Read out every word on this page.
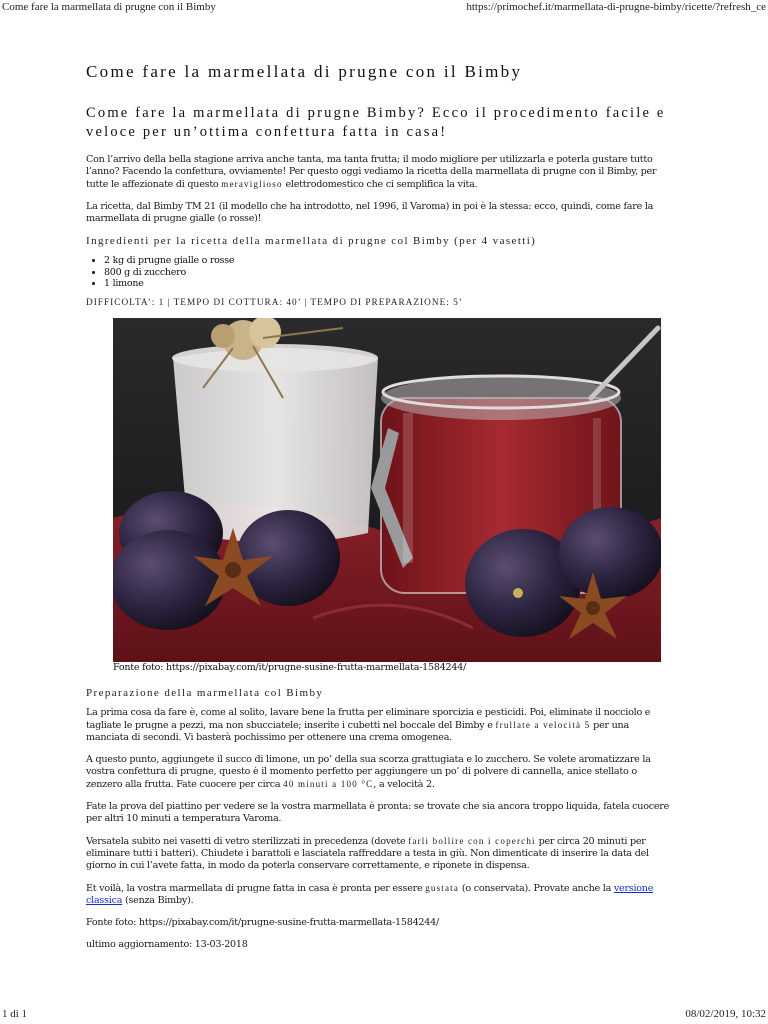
Come fare la marmellata di prugne con il Bimby	https://primochef.it/marmellata-di-prugne-bimby/ricette/?refresh_ce
Come fare la marmellata di prugne con il Bimby
Come fare la marmellata di prugne Bimby? Ecco il procedimento facile e veloce per un’ottima confettura fatta in casa!

Con l’arrivo della bella stagione arriva anche tanta, ma tanta frutta; il modo migliore per utilizzarla e poterla gustare tutto l’anno? Facendo la confettura, ovviamente! Per questo oggi vediamo la ricetta della marmellata di prugne con il Bimby, per tutte le affezionate di questo meraviglioso elettrodomestico che ci semplifica la vita.

La ricetta, dal Bimby TM 21 (il modello che ha introdotto, nel 1996, il Varoma) in poi è la stessa: ecco, quindi, come fare la marmellata di prugne gialle (o rosse)!

Ingredienti per la ricetta della marmellata di prugne col Bimby (per 4 vasetti)
• 2 kg di prugne gialle o rosse
• 800 g di zucchero
• 1 limone
DIFFICOLTA’: 1 | TEMPO DI COTTURA: 40’ | TEMPO DI PREPARAZIONE: 5’
Fonte foto: https://pixabay.com/it/prugne-susine-frutta-marmellata-1584244/
Preparazione della marmellata col Bimby

La prima cosa da fare è, come al solito, lavare bene la frutta per eliminare sporcizia e pesticidi. Poi, eliminate il nocciolo e tagliate le prugne a pezzi, ma non sbucciatele; inserite i cubetti nel boccale del Bimby e frullate a velocità 5 per una manciata di secondi. Vi basterà pochissimo per ottenere una crema omogenea.

A questo punto, aggiungete il succo di limone, un po’ della sua scorza grattugiata e lo zucchero. Se volete aromatizzare la vostra confettura di prugne, questo è il momento perfetto per aggiungere un po’ di polvere di cannella, anice stellato o zenzero alla frutta. Fate cuocere per circa 40 minuti a 100 °C, a velocità 2.

Fate la prova del piattino per vedere se la vostra marmellata è pronta: se trovate che sia ancora troppo liquida, fatela cuocere per altri 10 minuti a temperatura Varoma.

Versatela subito nei vasetti di vetro sterilizzati in precedenza (dovete farli bollire con i coperchi per circa 20 minuti per eliminare tutti i batteri). Chiudete i barattoli e lasciatela raffreddare a testa in giù. Non dimenticate di inserire la data del giorno in cui l’avete fatta, in modo da poterla conservare correttamente, e riponete in dispensa.

Et voilà, la vostra marmellata di prugne fatta in casa è pronta per essere gustata (o conservata). Provate anche la versione classica (senza Bimby).

Fonte foto: https://pixabay.com/it/prugne-susine-frutta-marmellata-1584244/

ultimo aggiornamento: 13-03-2018

1 di 1	08/02/2019, 10:32
